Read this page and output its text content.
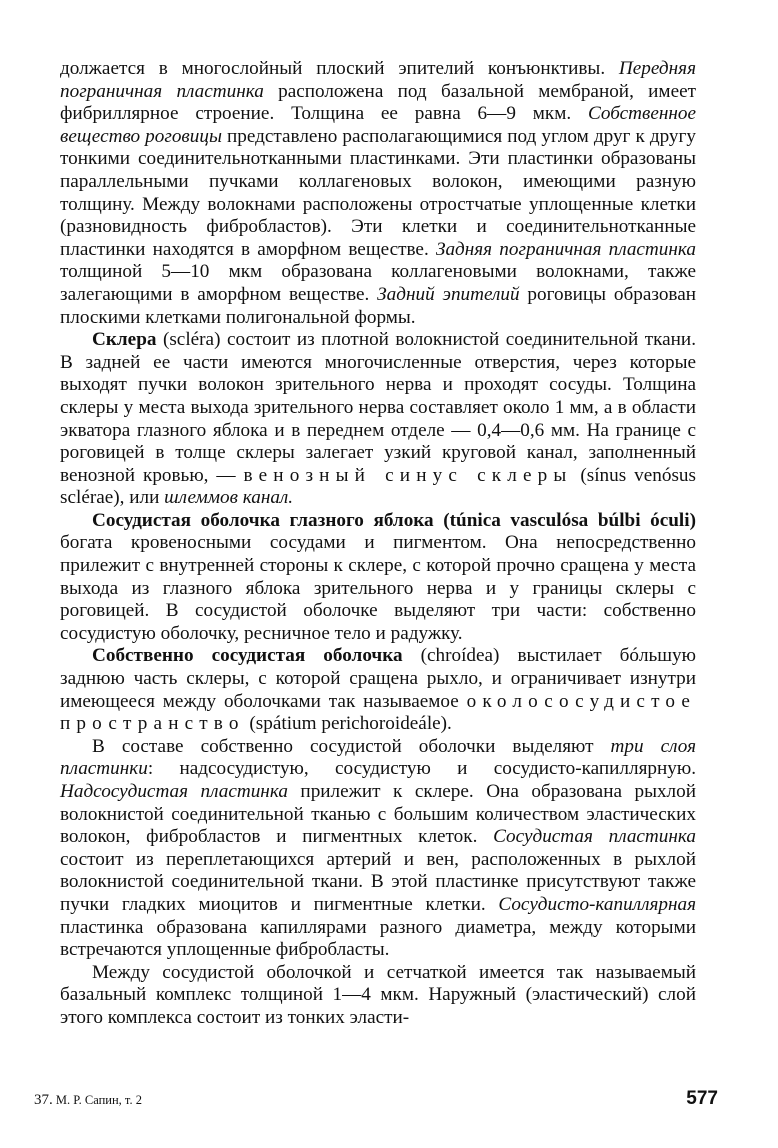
должается в многослойный плоский эпителий конъюнктивы. Передняя пограничная пластинка расположена под базальной мембраной, имеет фибриллярное строение. Толщина ее равна 6—9 мкм. Собственное вещество роговицы представлено располагающимися под углом друг к другу тонкими соединительнотканными пластинками. Эти пластинки образованы параллельными пучками коллагеновых волокон, имеющими разную толщину. Между волокнами расположены отростчатые уплощенные клетки (разновидность фибробластов). Эти клетки и соединительнотканные пластинки находятся в аморфном веществе. Задняя пограничная пластинка толщиной 5—10 мкм образована коллагеновыми волокнами, также залегающими в аморфном веществе. Задний эпителий роговицы образован плоскими клетками полигональной формы.

Склера (scléra) состоит из плотной волокнистой соединительной ткани. В задней ее части имеются многочисленные отверстия, через которые выходят пучки волокон зрительного нерва и проходят сосуды. Толщина склеры у места выхода зрительного нерва составляет около 1 мм, а в области экватора глазного яблока и в переднем отделе — 0,4—0,6 мм. На границе с роговицей в толще склеры залегает узкий круговой канал, заполненный венозной кровью, — венозный синус склеры (sínus venósus sclérae), или шлеммов канал.

Сосудистая оболочка глазного яблока (túnica vasculósa búlbi óculi) богата кровеносными сосудами и пигментом. Она непосредственно прилежит с внутренней стороны к склере, с которой прочно сращена у места выхода из глазного яблока зрительного нерва и у границы склеры с роговицей. В сосудистой оболочке выделяют три части: собственно сосудистую оболочку, ресничное тело и радужку.

Собственно сосудистая оболочка (chroídea) выстилает бóльшую заднюю часть склеры, с которой сращена рыхло, и ограничивает изнутри имеющееся между оболочками так называемое околососудистое пространство (spátium perichoroideále).

В составе собственно сосудистой оболочки выделяют три слоя пластинки: надсосудистую, сосудистую и сосудисто-капиллярную. Надсосудистая пластинка прилежит к склере. Она образована рыхлой волокнистой соединительной тканью с большим количеством эластических волокон, фибробластов и пигментных клеток. Сосудистая пластинка состоит из переплетающихся артерий и вен, расположенных в рыхлой волокнистой соединительной ткани. В этой пластинке присутствуют также пучки гладких миоцитов и пигментные клетки. Сосудисто-капиллярная пластинка образована капиллярами разного диаметра, между которыми встречаются уплощенные фибробласты.

Между сосудистой оболочкой и сетчаткой имеется так называемый базальный комплекс толщиной 1—4 мкм. Наружный (эластический) слой этого комплекса состоит из тонких эласти-

37. М. Р. Сапин, т. 2	577
